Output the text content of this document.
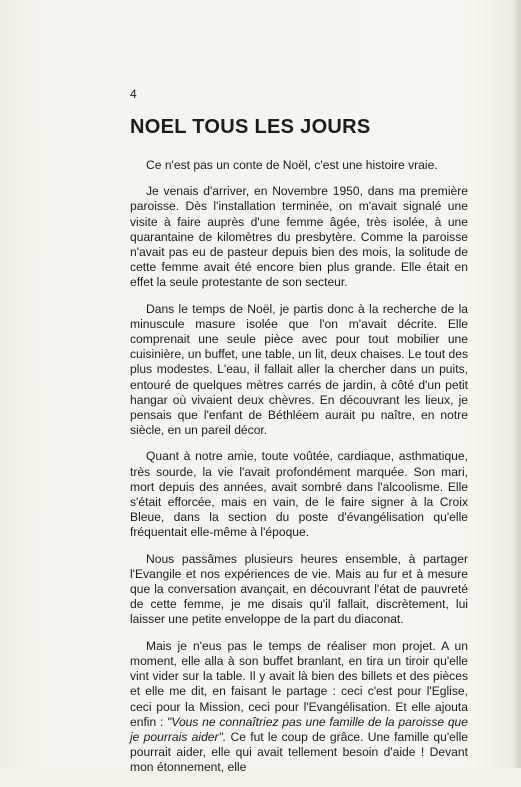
4
NOEL TOUS LES JOURS

Ce n'est pas un conte de Noël, c'est une histoire vraie.

Je venais d'arriver, en Novembre 1950, dans ma première paroisse. Dès l'installation terminée, on m'avait signalé une visite à faire auprès d'une femme âgée, très isolée, à une quarantaine de kilomètres du presbytère. Comme la paroisse n'avait pas eu de pasteur depuis bien des mois, la solitude de cette femme avait été encore bien plus grande. Elle était en effet la seule protestante de son secteur.

Dans le temps de Noël, je partis donc à la recherche de la minuscule masure isolée que l'on m'avait décrite. Elle comprenait une seule pièce avec pour tout mobilier une cuisinière, un buffet, une table, un lit, deux chaises. Le tout des plus modestes. L'eau, il fallait aller la chercher dans un puits, entouré de quelques mètres carrés de jardin, à côté d'un petit hangar où vivaient deux chèvres. En découvrant les lieux, je pensais que l'enfant de Béthléem aurait pu naître, en notre siècle, en un pareil décor.

Quant à notre amie, toute voûtée, cardiaque, asthmatique, très sourde, la vie l'avait profondément marquée. Son mari, mort depuis des années, avait sombré dans l'alcoolisme. Elle s'était efforcée, mais en vain, de le faire signer à la Croix Bleue, dans la section du poste d'évangélisation qu'elle fréquentait elle-même à l'époque.

Nous passâmes plusieurs heures ensemble, à partager l'Evangile et nos expériences de vie. Mais au fur et à mesure que la conversation avançait, en découvrant l'état de pauvreté de cette femme, je me disais qu'il fallait, discrètement, lui laisser une petite enveloppe de la part du diaconat.

Mais je n'eus pas le temps de réaliser mon projet. A un moment, elle alla à son buffet branlant, en tira un tiroir qu'elle vint vider sur la table. Il y avait là bien des billets et des pièces et elle me dit, en faisant le partage : ceci c'est pour l'Eglise, ceci pour la Mission, ceci pour l'Evangélisation. Et elle ajouta enfin : "Vous ne connaîtriez pas une famille de la paroisse que je pourrais aider". Ce fut le coup de grâce. Une famille qu'elle pourrait aider, elle qui avait tellement besoin d'aide ! Devant mon étonnement, elle
